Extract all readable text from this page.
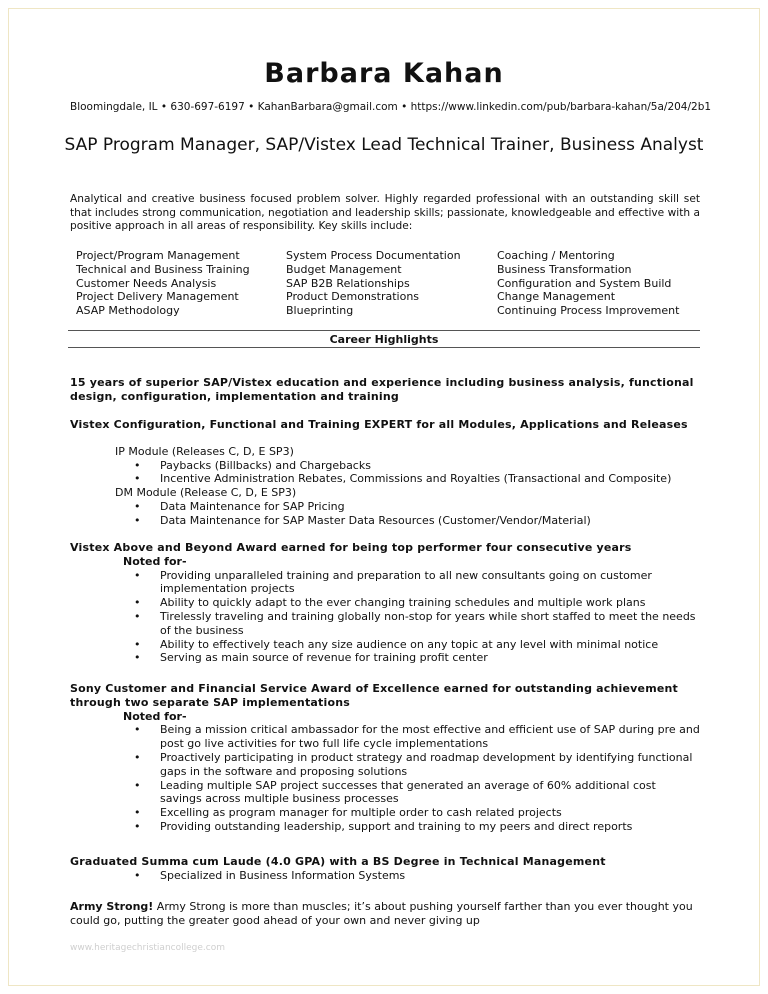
Barbara Kahan
Bloomingdale, IL • 630-697-6197 • KahanBarbara@gmail.com • https://www.linkedin.com/pub/barbara-kahan/5a/204/2b1
SAP Program Manager, SAP/Vistex Lead Technical Trainer, Business Analyst
Analytical and creative business focused problem solver. Highly regarded professional with an outstanding skill set that includes strong communication, negotiation and leadership skills; passionate, knowledgeable and effective with a positive approach in all areas of responsibility. Key skills include:
Project/Program Management
Technical and Business Training
Customer Needs Analysis
Project Delivery Management
ASAP Methodology
System Process Documentation
Budget Management
SAP B2B Relationships
Product Demonstrations
Blueprinting
Coaching / Mentoring
Business Transformation
Configuration and System Build
Change Management
Continuing Process Improvement
Career Highlights
15 years of superior SAP/Vistex education and experience including business analysis, functional design, configuration, implementation and training
Vistex Configuration, Functional and Training EXPERT for all Modules, Applications and Releases
IP Module (Releases C, D, E SP3)
• Paybacks (Billbacks) and Chargebacks
• Incentive Administration Rebates, Commissions and Royalties (Transactional and Composite)
DM Module (Release C, D, E SP3)
• Data Maintenance for SAP Pricing
• Data Maintenance for SAP Master Data Resources (Customer/Vendor/Material)
Vistex Above and Beyond Award earned for being top performer four consecutive years
Noted for-
• Providing unparalleled training and preparation to all new consultants going on customer implementation projects
• Ability to quickly adapt to the ever changing training schedules and multiple work plans
• Tirelessly traveling and training globally non-stop for years while short staffed to meet the needs of the business
• Ability to effectively teach any size audience on any topic at any level with minimal notice
• Serving as main source of revenue for training profit center
Sony Customer and Financial Service Award of Excellence earned for outstanding achievement through two separate SAP implementations
Noted for-
• Being a mission critical ambassador for the most effective and efficient use of SAP during pre and post go live activities for two full life cycle implementations
• Proactively participating in product strategy and roadmap development by identifying functional gaps in the software and proposing solutions
• Leading multiple SAP project successes that generated an average of 60% additional cost savings across multiple business processes
• Excelling as program manager for multiple order to cash related projects
• Providing outstanding leadership, support and training to my peers and direct reports
Graduated Summa cum Laude (4.0 GPA) with a BS Degree in Technical Management
• Specialized in Business Information Systems
Army Strong! Army Strong is more than muscles; it’s about pushing yourself farther than you ever thought you could go, putting the greater good ahead of your own and never giving up
www.heritagechristiancollege.com
